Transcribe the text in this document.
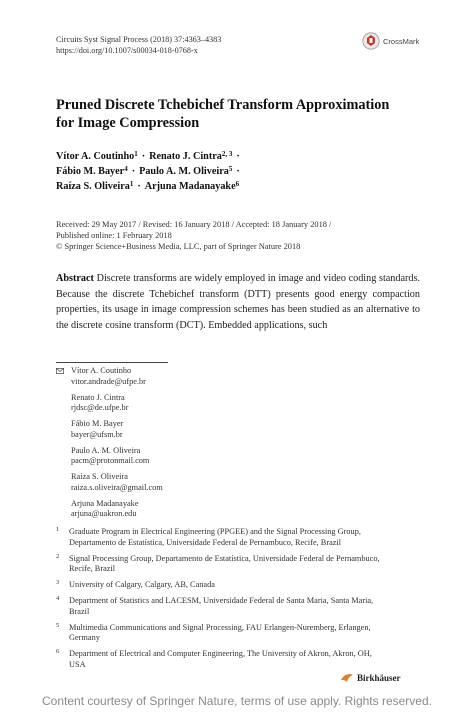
Circuits Syst Signal Process (2018) 37:4363–4383
https://doi.org/10.1007/s00034-018-0768-x
CrossMark
Pruned Discrete Tchebichef Transform Approximation
for Image Compression
Vítor A. Coutinho$^1$ · Renato J. Cintra$^{2, 3}$ ·
Fábio M. Bayer$^4$ · Paulo A. M. Oliveira$^5$ ·
Raíza S. Oliveira$^1$ · Arjuna Madanayake$^6$
Received: 29 May 2017 / Revised: 16 January 2018 / Accepted: 18 January 2018 /
Published online: 1 February 2018
© Springer Science+Business Media, LLC, part of Springer Nature 2018
Abstract Discrete transforms are widely employed in image and video coding standards. Because the discrete Tchebichef transform (DTT) presents good energy compaction properties, its usage in image compression schemes has been studied as an alternative to the discrete cosine transform (DCT). Embedded applications, such
Vítor A. Coutinho
vitor.andrade@ufpe.br
Renato J. Cintra
rjdsc@de.ufpe.br
Fábio M. Bayer
bayer@ufsm.br
Paulo A. M. Oliveira
pacm@protonmail.com
Raíza S. Oliveira
raiza.s.oliveira@gmail.com
Arjuna Madanayake
arjuna@uakron.edu
1 Graduate Program in Electrical Engineering (PPGEE) and the Signal Processing Group, Departamento de Estatística, Universidade Federal de Pernambuco, Recife, Brazil
2 Signal Processing Group, Departamento de Estatística, Universidade Federal de Pernambuco, Recife, Brazil
3 University of Calgary, Calgary, AB, Canada
4 Department of Statistics and LACESM, Universidade Federal de Santa Maria, Santa Maria, Brazil
5 Multimedia Communications and Signal Processing, FAU Erlangen-Nuremberg, Erlangen, Germany
6 Department of Electrical and Computer Engineering, The University of Akron, Akron, OH, USA
Birkhäuser
Content courtesy of Springer Nature, terms of use apply. Rights reserved.
